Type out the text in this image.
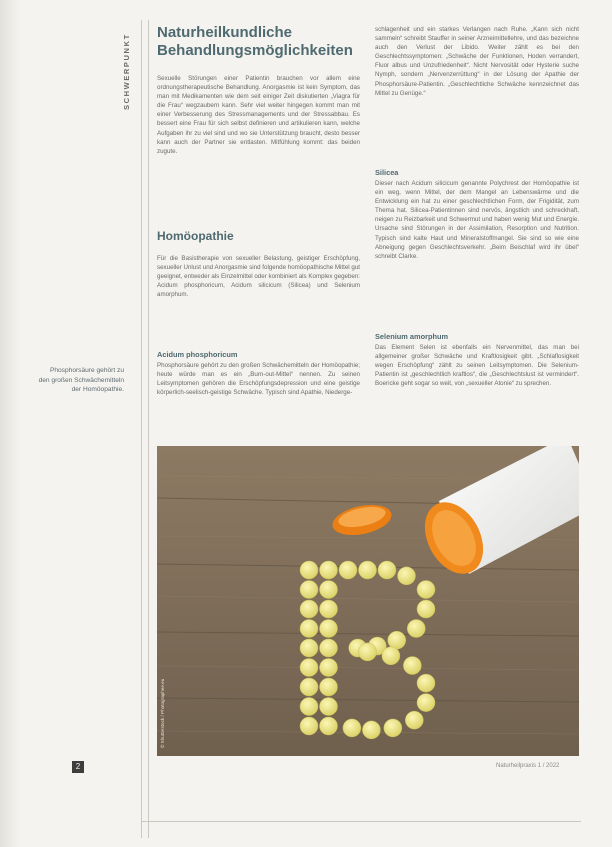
SCHWERPUNKT
Naturheilkundliche
Behandlungsmöglichkeiten

Sexuelle Störungen einer Patientin brauchen vor allem eine ordnungstherapeutische Behandlung. Anorgasmie ist kein Symptom, das man mit Medikamenten wie dem seit einiger Zeit diskutierten „Viagra für die Frau“ wegzaubern kann. Sehr viel weiter hingegen kommt man mit einer Verbesserung des Stressmanagements und der Stressabbau. Es bessert eine Frau für sich selbst definieren und artikulieren kann, welche Aufgaben ihr zu viel sind und wo sie Unterstützung braucht, desto besser kann auch der Partner sie entlasten. Mitfühlung kommt: das beiden zugute.

Homöopathie

Für die Basistherapie von sexueller Belastung, geistiger Erschöpfung, sexueller Unlust und Anorgasmie sind folgende homöopathische Mittel gut geeignet, entweder als Einzelmittel oder kombiniert als Komplex gegeben: Acidum phosphoricum, Acidum silicicum (Silicea) und Selenium amorphum.

Acidum phosphoricum

Phosphorsäure gehört zu den großen Schwächemitteln der Homöopathie; heute würde man es ein „Burn-out-Mittel“ nennen. Zu seinen Leitsymptomen gehören die Erschöpfungsdepression und eine geistige körperlich-seelisch-geistige Schwäche. Typisch sind Apathie, Niederge-

schlagenheit und ein starkes Verlangen nach Ruhe. „Kann sich nicht sammeln“ schreibt Stauffer in seiner Arzneimittellehre, und das bezeichne auch den Verlust der Libido. Weiter zählt es bei den Geschlechtssymptomen: „Schwäche der Funktionen, Hoden verrandert, Fluor albus und Unzufriedenheit“. Nicht Nervosität oder Hysterie suche Nymph, sondern „Nervenzerrüttung“ in der Lösung der Apathie der Phosphorsäure-Patientin. „Geschlechtliche Schwäche kennzeichnet das Mittel zu Genüge.“

Silicea

Dieser nach Acidum silicicum genannte Polychrest der Homöopathie ist ein weg, wenn Mittel, der dem Mangel an Lebenswärme und die Entwicklung ein hat zu einer geschlechtlichen Form, der Frigidität, zum Thema hat. Silicea-Patientinnen sind nervös, ängstlich und schreckhaft, neigen zu Reizbarkeit und Schwermut und haben wenig Mut und Energie. Ursache sind Störungen in der Assimilation, Resorption und Nutrition. Typisch sind kalte Haut und Mineralstoffmangel. Sie sind so wie eine Abneigung gegen Geschlechtsverkehr. „Beim Beischlaf wird ihr übel“ schreibt Clarke.

Selenium amorphum

Das Element Selen ist ebenfalls ein Nervenmittel, das man bei allgemeiner großer Schwäche und Kraftlosigkeit gibt. „Schlaflosigkeit wegen Erschöpfung“ zählt zu seinen Leitsymptomen. Die Selenium-Patientin ist „geschlechtlich kraftlos“, die „Geschlechtslust ist vermindert“. Boericke geht sogar so weit, von „sexueller Atonie“ zu sprechen.

Phosphorsäure gehört zu den großen Schwächemitteln der Homöopathie.
© Shutterstock / Photographee.eu
2	Naturheilpraxis 1 / 2022
